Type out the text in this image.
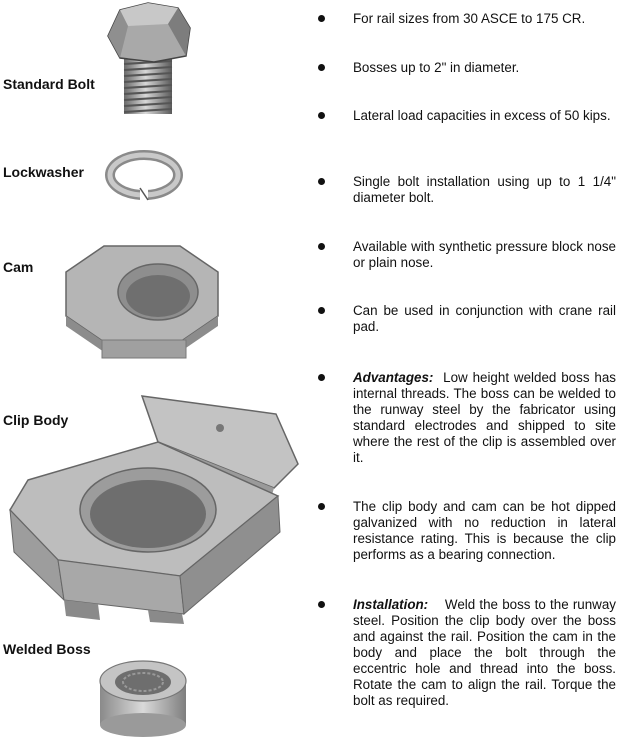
Standard Bolt
Lockwasher
Cam
Clip Body
Welded Boss
For rail sizes from 30 ASCE to 175 CR.
Bosses up to 2" in diameter.
Lateral load capacities in excess of 50 kips.
Single bolt installation using up to 1 1/4" diameter bolt.
Available with synthetic pressure block nose or plain nose.
Can be used in conjunction with crane rail pad.
Advantages: Low height welded boss has internal threads. The boss can be welded to the runway steel by the fabricator using standard electrodes and shipped to site where the rest of the clip is assembled over it.
The clip body and cam can be hot dipped galvanized with no reduction in lateral resistance rating. This is because the clip performs as a bearing connection.
Installation: Weld the boss to the runway steel. Position the clip body over the boss and against the rail. Position the cam in the body and place the bolt through the eccentric hole and thread into the boss. Rotate the cam to align the rail. Torque the bolt as required.
